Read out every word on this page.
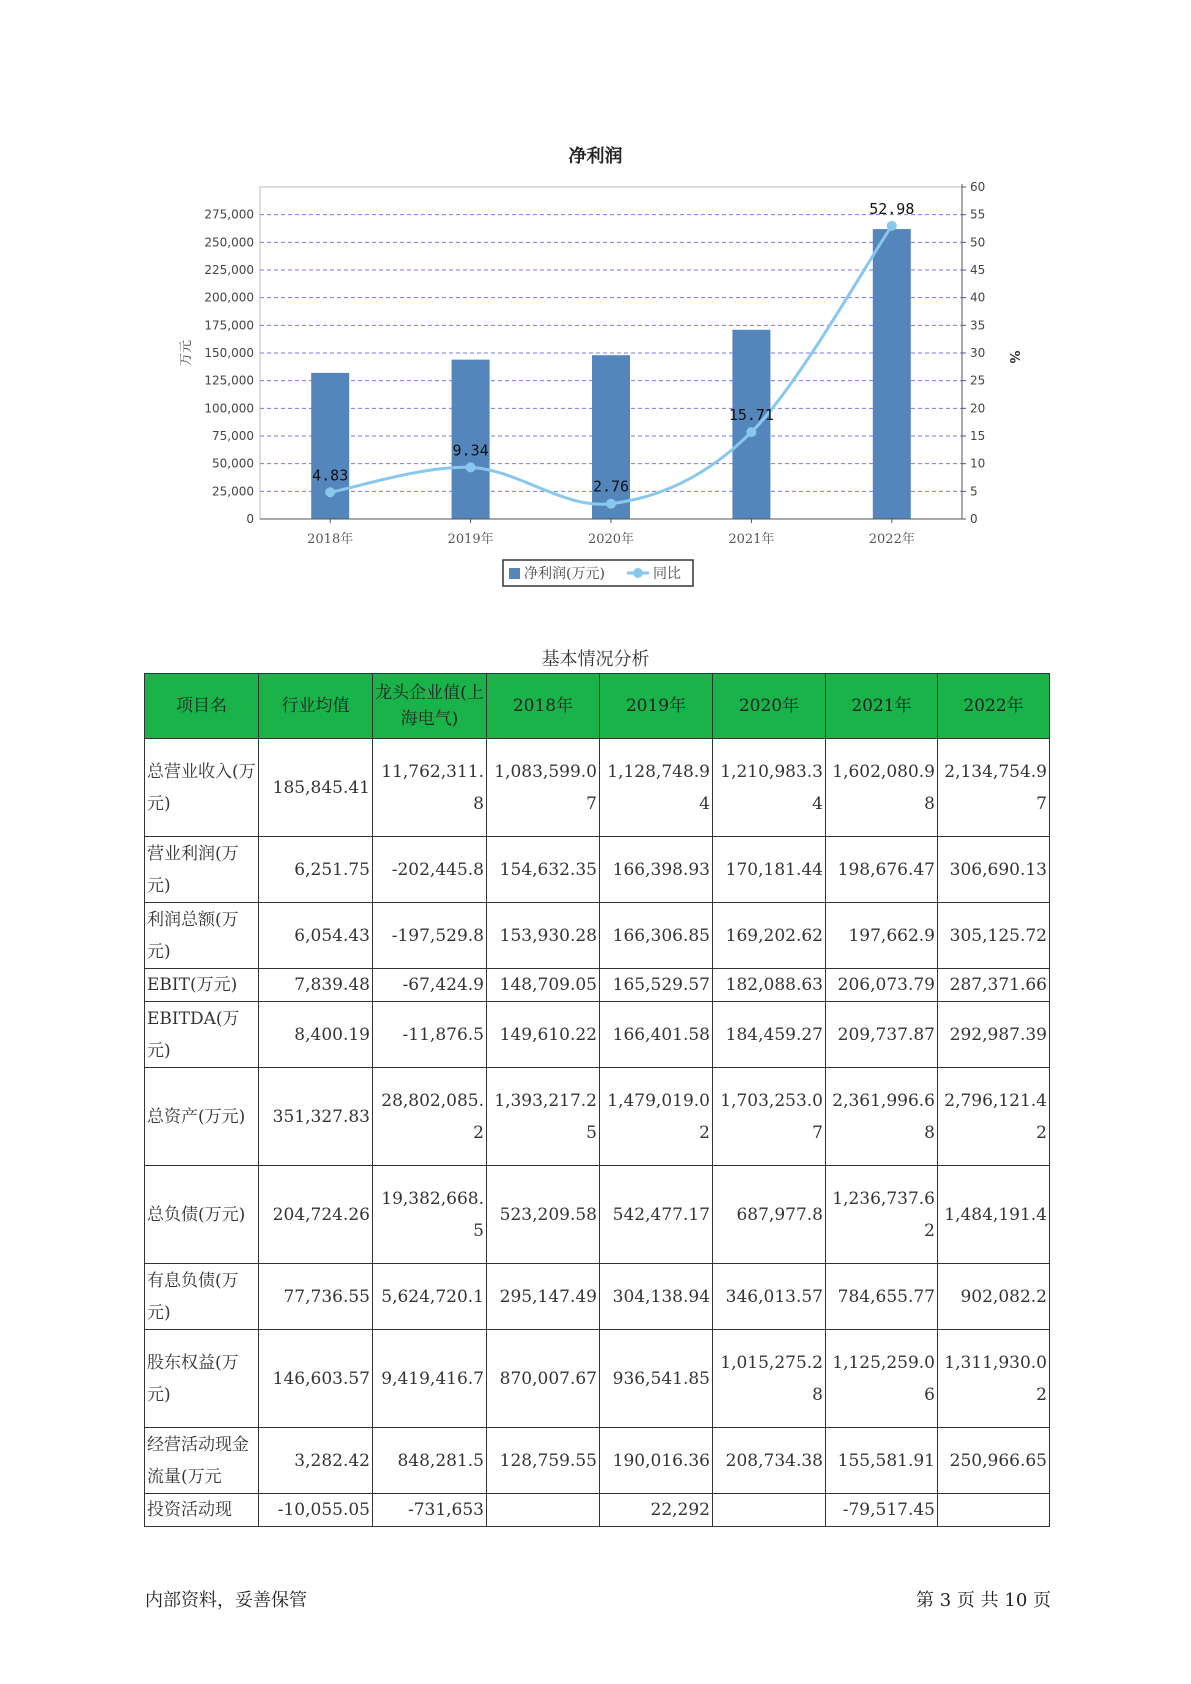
净利润
0
25,000
50,000
75,000
100,000
125,000
150,000
175,000
200,000
225,000
250,000
275,000
0
5
10
15
20
25
30
35
40
45
50
55
60
万元	%
2018年	2019年	2020年	2021年	2022年
4.83
9.34
2.76
15.71
52.98
净利润(万元)	同比
基本情况分析
项目名	行业均值	龙头企业值(上海电气)	2018年	2019年	2020年	2021年	2022年
总营业收入(万元)	185,845.41	11,762,311.8	1,083,599.07	1,128,748.94	1,210,983.34	1,602,080.98	2,134,754.97
营业利润(万元)	6,251.75	-202,445.8	154,632.35	166,398.93	170,181.44	198,676.47	306,690.13
利润总额(万元)	6,054.43	-197,529.8	153,930.28	166,306.85	169,202.62	197,662.9	305,125.72
EBIT(万元)	7,839.48	-67,424.9	148,709.05	165,529.57	182,088.63	206,073.79	287,371.66
EBITDA(万元)	8,400.19	-11,876.5	149,610.22	166,401.58	184,459.27	209,737.87	292,987.39
总资产(万元)	351,327.83	28,802,085.2	1,393,217.25	1,479,019.02	1,703,253.07	2,361,996.68	2,796,121.42
总负债(万元)	204,724.26	19,382,668.5	523,209.58	542,477.17	687,977.8	1,236,737.62	1,484,191.4
有息负债(万元)	77,736.55	5,624,720.1	295,147.49	304,138.94	346,013.57	784,655.77	902,082.2
股东权益(万元)	146,603.57	9,419,416.7	870,007.67	936,541.85	1,015,275.28	1,125,259.06	1,311,930.02
经营活动现金流量(万元	3,282.42	848,281.5	128,759.55	190,016.36	208,734.38	155,581.91	250,966.65
投资活动现	-10,055.05	-731,653		22,292		-79,517.45	
内部资料，妥善保管	第 3 页 共 10 页
